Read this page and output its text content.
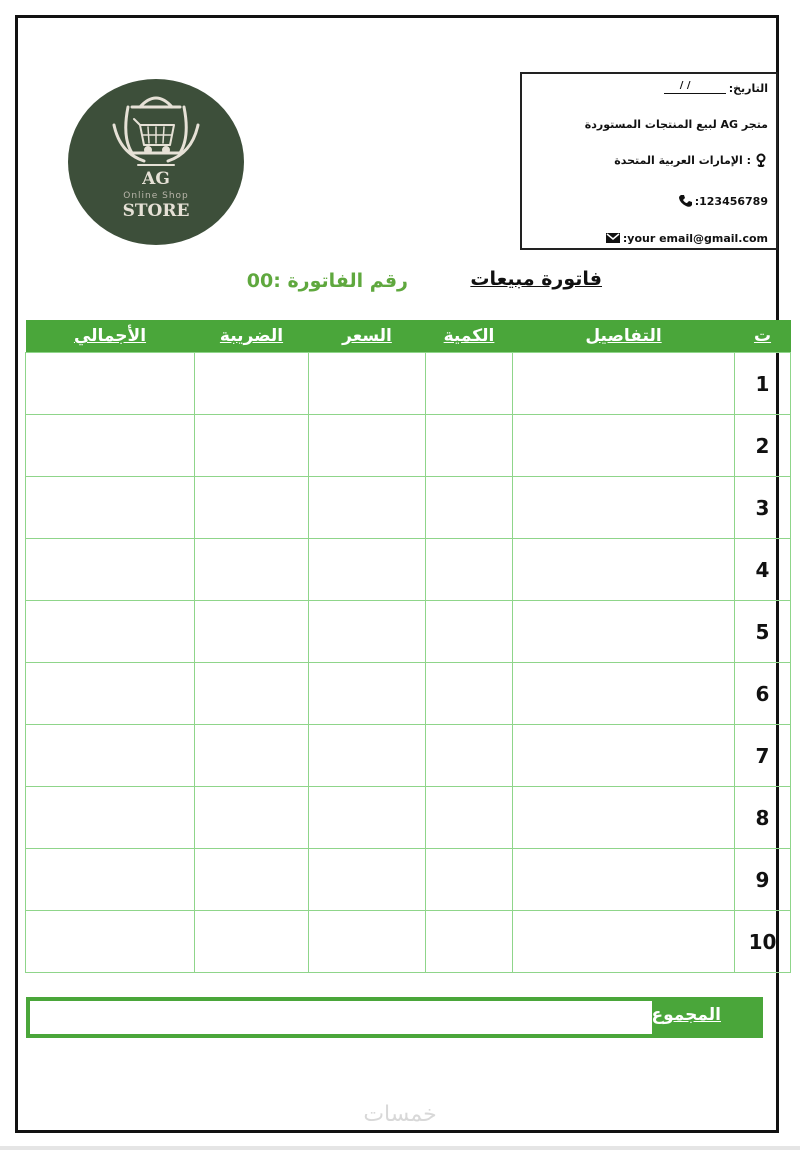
AG
Online Shop
STORE
التاريخ:
/ /
متجر AG لبيع المنتجات المستوردة
: الإمارات العربية المتحدة
123456789:
your email@gmail.com:
فاتورة مبيعات
رقم الفاتورة :00
ت	التفاصيل	الكمية	السعر	الضريبة	الأجمالي
1					
2					
3					
4					
5					
6					
7					
8					
9					
10					
المجموع
خمسات
